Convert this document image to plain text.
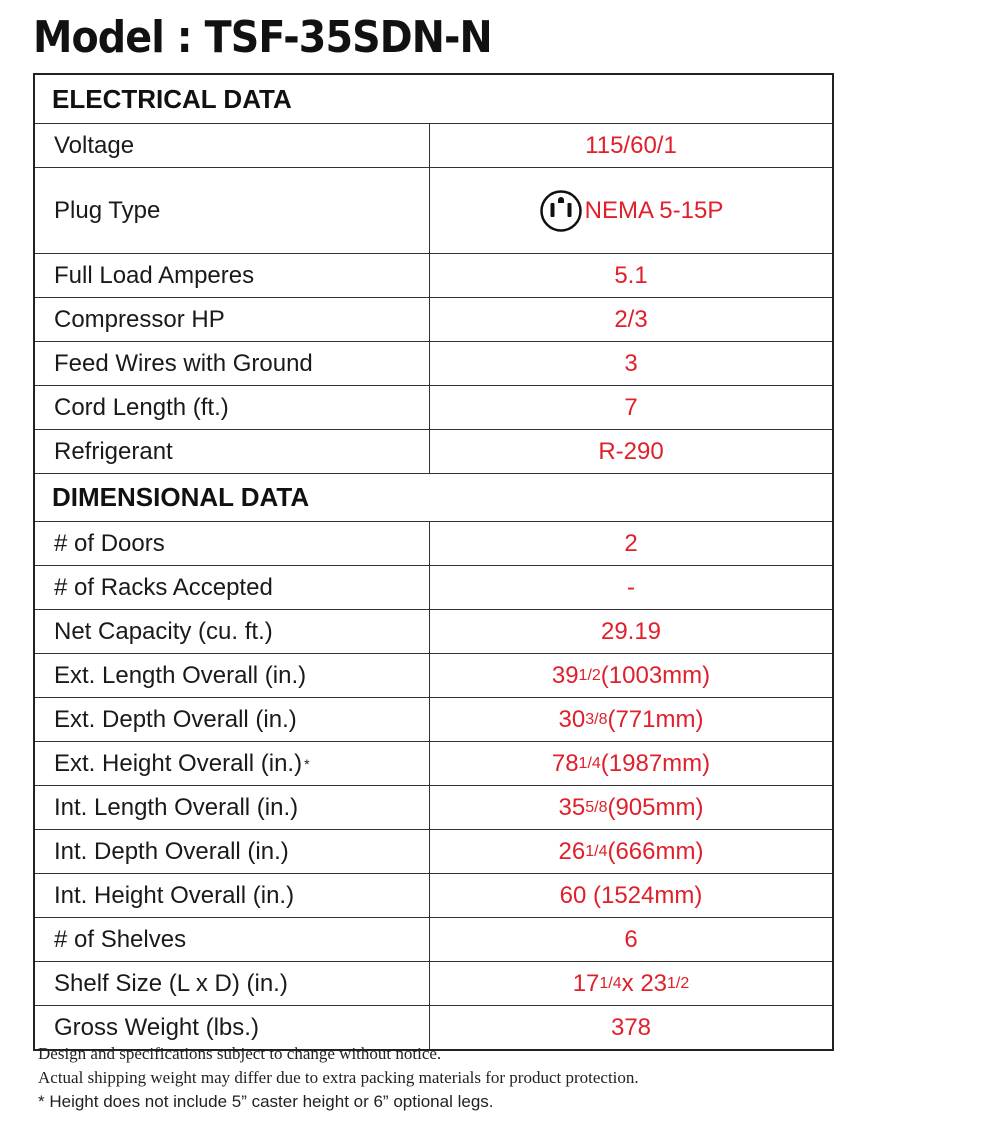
Model : TSF-35SDN-N
ELECTRICAL DATA
Voltage	115/60/1
Plug Type	NEMA 5-15P
Full Load Amperes	5.1
Compressor HP	2/3
Feed Wires with Ground	3
Cord Length (ft.)	7
Refrigerant	R-290
DIMENSIONAL DATA
# of Doors	2
# of Racks Accepted	-
Net Capacity (cu. ft.)	29.19
Ext. Length Overall (in.)	39 1/2 (1003mm)
Ext. Depth Overall (in.)	30 3/8 (771mm)
Ext. Height Overall (in.) *	78 1/4 (1987mm)
Int. Length Overall (in.)	35 5/8 (905mm)
Int. Depth Overall (in.)	26 1/4 (666mm)
Int. Height Overall (in.)	60 (1524mm)
# of Shelves	6
Shelf Size (L x D) (in.)	17 1/4 x 23 1/2
Gross Weight (lbs.)	378
Design and specifications subject to change without notice.
Actual shipping weight may differ due to extra packing materials for product protection.
* Height does not include 5” caster height or 6” optional legs.
